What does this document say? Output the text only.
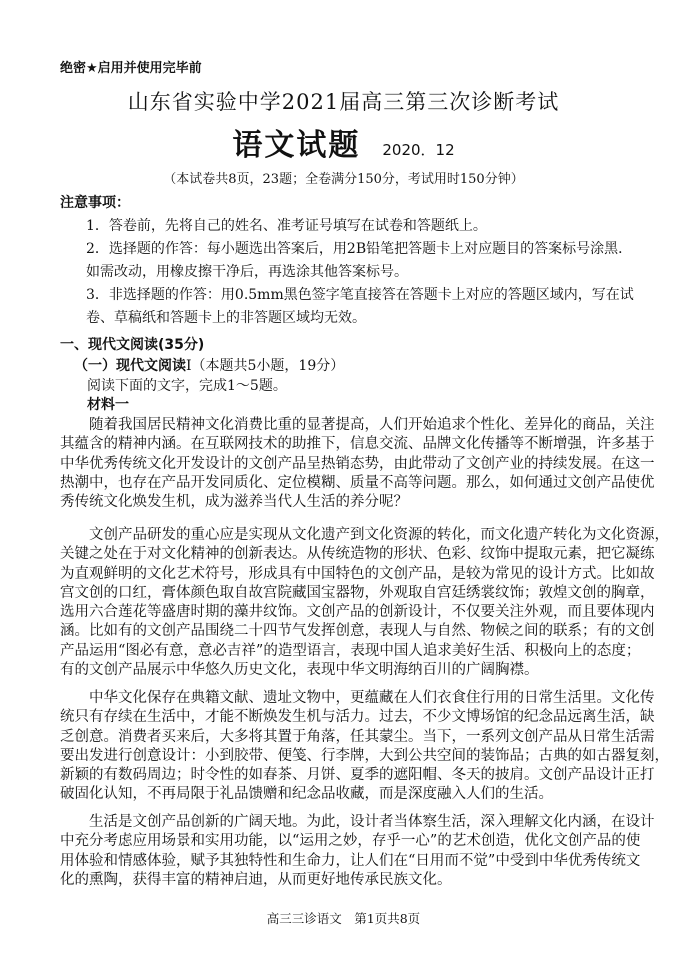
绝密★启用并使用完毕前
山东省实验中学2021届高三第三次诊断考试
语文试题 2020．12
（本试卷共8页，23题；全卷满分150分，考试用时150分钟）
注意事项：
1．答卷前，先将自己的姓名、准考证号填写在试卷和答题纸上。
2．选择题的作答：每小题选出答案后，用2B铅笔把答题卡上对应题目的答案标号涂黑．
如需改动，用橡皮擦干净后，再选涂其他答案标号。
3．非选择题的作答：用0.5mm黑色签字笔直接答在答题卡上对应的答题区域内，写在试
卷、草稿纸和答题卡上的非答题区域均无效。
一、现代文阅读(35分)
（一）现代文阅读Ⅰ（本题共5小题，19分）
阅读下面的文字，完成1～5题。
材料一
随着我国居民精神文化消费比重的显著提高，人们开始追求个性化、差异化的商品，关注
其蕴含的精神内涵。在互联网技术的助推下，信息交流、品牌文化传播等不断增强，许多基于
中华优秀传统文化开发设计的文创产品呈热销态势，由此带动了文创产业的持续发展。在这一
热潮中，也存在产品开发同质化、定位模糊、质量不高等问题。那么，如何通过文创产品使优
秀传统文化焕发生机，成为滋养当代人生活的养分呢？
文创产品研发的重心应是实现从文化遗产到文化资源的转化，而文化遗产转化为文化资源，
关键之处在于对文化精神的创新表达。从传统造物的形状、色彩、纹饰中提取元素，把它凝练
为直观鲜明的文化艺术符号，形成具有中国特色的文创产品，是较为常见的设计方式。比如故
宫文创的口红，膏体颜色取自故宫院藏国宝器物，外观取自宫廷绣裳纹饰；敦煌文创的胸章，
选用六合莲花等盛唐时期的藻井纹饰。文创产品的创新设计，不仅要关注外观，而且要体现内
涵。比如有的文创产品围绕二十四节气发挥创意，表现人与自然、物候之间的联系；有的文创
产品运用“图必有意，意必吉祥”的造型语言，表现中国人追求美好生活、积极向上的态度；
有的文创产品展示中华悠久历史文化，表现中华文明海纳百川的广阔胸襟。
中华文化保存在典籍文献、遗址文物中，更蕴藏在人们衣食住行用的日常生活里。文化传
统只有存续在生活中，才能不断焕发生机与活力。过去，不少文博场馆的纪念品远离生活，缺
乏创意。消费者买来后，大多将其置于角落，任其蒙尘。当下，一系列文创产品从日常生活需
要出发进行创意设计：小到胶带、便笺、行李牌，大到公共空间的装饰品；古典的如古器复刻，
新颖的有数码周边；时令性的如春茶、月饼、夏季的遮阳帽、冬天的披肩。文创产品设计正打
破固化认知，不再局限于礼品馈赠和纪念品收藏，而是深度融入人们的生活。
生活是文创产品创新的广阔天地。为此，设计者当体察生活，深入理解文化内涵，在设计
中充分考虑应用场景和实用功能，以“运用之妙，存乎一心”的艺术创造，优化文创产品的使
用体验和情感体验，赋予其独特性和生命力，让人们在“日用而不觉”中受到中华优秀传统文
化的熏陶，获得丰富的精神启迪，从而更好地传承民族文化。
高三三诊语文　第1页共8页
